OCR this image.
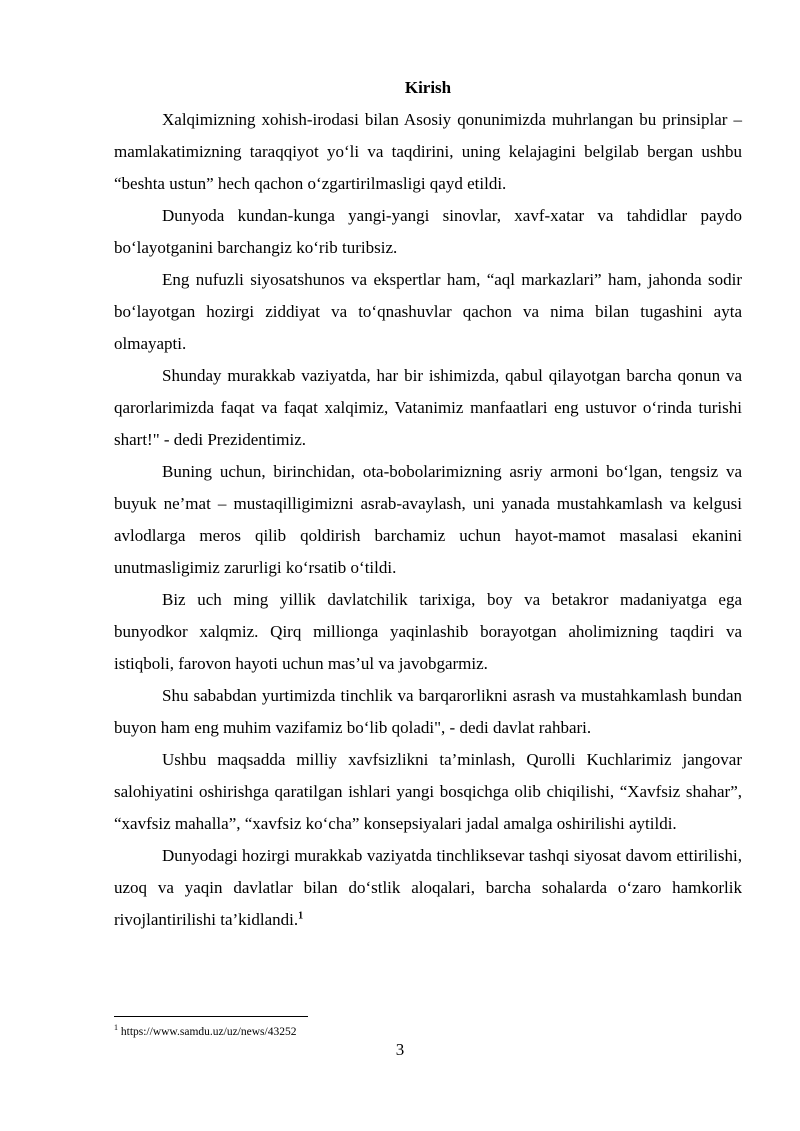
Kirish

Xalqimizning xohish-irodasi bilan Asosiy qonunimizda muhrlangan bu prinsiplar – mamlakatimizning taraqqiyot yo‘li va taqdirini, uning kelajagini belgilab bergan ushbu “beshta ustun” hech qachon o‘zgartirilmasligi qayd etildi.

Dunyoda kundan-kunga yangi-yangi sinovlar, xavf-xatar va tahdidlar paydo bo‘layotganini barchangiz ko‘rib turibsiz.

Eng nufuzli siyosatshunos va ekspertlar ham, “aql markazlari” ham, jahonda sodir bo‘layotgan hozirgi ziddiyat va to‘qnashuvlar qachon va nima bilan tugashini ayta olmayapti.

Shunday murakkab vaziyatda, har bir ishimizda, qabul qilayotgan barcha qonun va qarorlarimizda faqat va faqat xalqimiz, Vatanimiz manfaatlari eng ustuvor o‘rinda turishi shart!" - dedi Prezidentimiz.

Buning uchun, birinchidan, ota-bobolarimizning asriy armoni bo‘lgan, tengsiz va buyuk ne’mat – mustaqilligimizni asrab-avaylash, uni yanada mustahkamlash va kelgusi avlodlarga meros qilib qoldirish barchamiz uchun hayot-mamot masalasi ekanini unutmasligimiz zarurligi ko‘rsatib o‘tildi.

Biz uch ming yillik davlatchilik tarixiga, boy va betakror madaniyatga ega bunyodkor xalqmiz. Qirq millionga yaqinlashib borayotgan aholimizning taqdiri va istiqboli, farovon hayoti uchun mas’ul va javobgarmiz.

Shu sababdan yurtimizda tinchlik va barqarorlikni asrash va mustahkamlash bundan buyon ham eng muhim vazifamiz bo‘lib qoladi", - dedi davlat rahbari.

Ushbu maqsadda milliy xavfsizlikni ta’minlash, Qurolli Kuchlarimiz jangovar salohiyatini oshirishga qaratilgan ishlari yangi bosqichga olib chiqilishi, “Xavfsiz shahar”, “xavfsiz mahalla”, “xavfsiz ko‘cha” konsepsiyalari jadal amalga oshirilishi aytildi.

Dunyodagi hozirgi murakkab vaziyatda tinchliksevar tashqi siyosat davom ettirilishi, uzoq va yaqin davlatlar bilan do‘stlik aloqalari, barcha sohalarda o‘zaro hamkorlik rivojlantirilishi ta’kidlandi.$^1$

$^1$ https://www.samdu.uz/uz/news/43252
3
